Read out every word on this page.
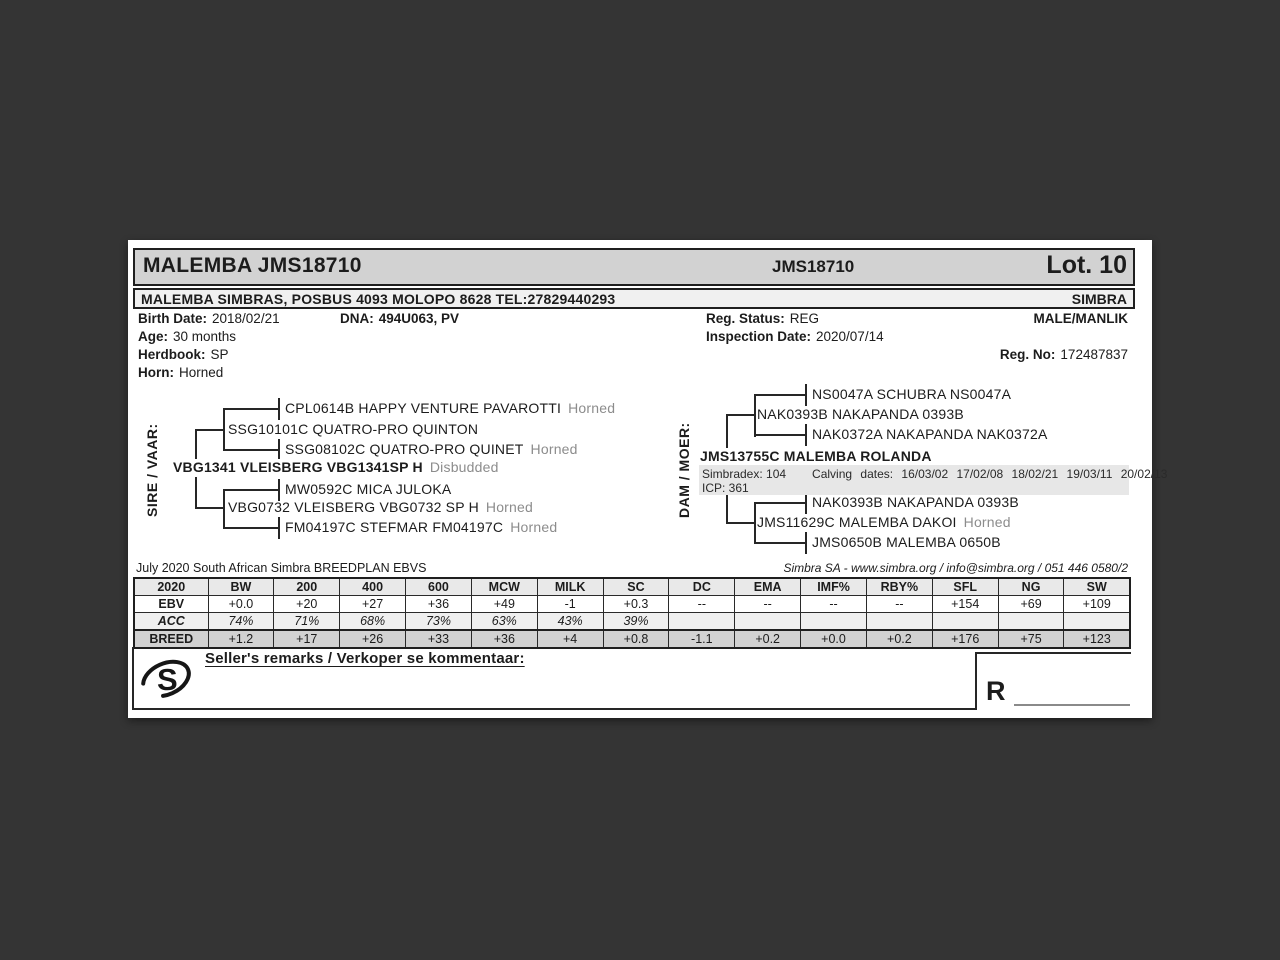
MALEMBA JMS18710	JMS18710	Lot. 10
MALEMBA SIMBRAS, POSBUS 4093 MOLOPO 8628 TEL:27829440293	SIMBRA
Birth Date: 2018/02/21	DNA: 494U063, PV
Age: 30 months
Herdbook: SP
Horn: Horned
Reg. Status: REG
Inspection Date: 2020/07/14
MALE/MANLIK
Reg. No: 172487837
SIRE / VAAR:
CPL0614B HAPPY VENTURE PAVAROTTI Horned
SSG10101C QUATRO-PRO QUINTON
SSG08102C QUATRO-PRO QUINET Horned
VBG1341 VLEISBERG VBG1341SP H Disbudded
MW0592C MICA JULOKA
VBG0732 VLEISBERG VBG0732 SP H Horned
FM04197C STEFMAR FM04197C Horned
DAM / MOER:
NS0047A SCHUBRA NS0047A
NAK0393B NAKAPANDA 0393B
NAK0372A NAKAPANDA NAK0372A
JMS13755C MALEMBA ROLANDA
Simbradex: 104 Calving dates: 16/03/02 17/02/08 18/02/21 19/03/11 20/02/13
ICP: 361
NAK0393B NAKAPANDA 0393B
JMS11629C MALEMBA DAKOI Horned
JMS0650B MALEMBA 0650B
July 2020 South African Simbra BREEDPLAN EBVS	Simbra SA - www.simbra.org / info@simbra.org / 051 446 0580/2
2020	BW	200	400	600	MCW	MILK	SC	DC	EMA	IMF%	RBY%	SFL	NG	SW
EBV	+0.0	+20	+27	+36	+49	-1	+0.3	--	--	--	--	+154	+69	+109
ACC	74%	71%	68%	73%	63%	43%	39%							
BREED	+1.2	+17	+26	+33	+36	+4	+0.8	-1.1	+0.2	+0.0	+0.2	+176	+75	+123
S
Seller's remarks / Verkoper se kommentaar:
R
